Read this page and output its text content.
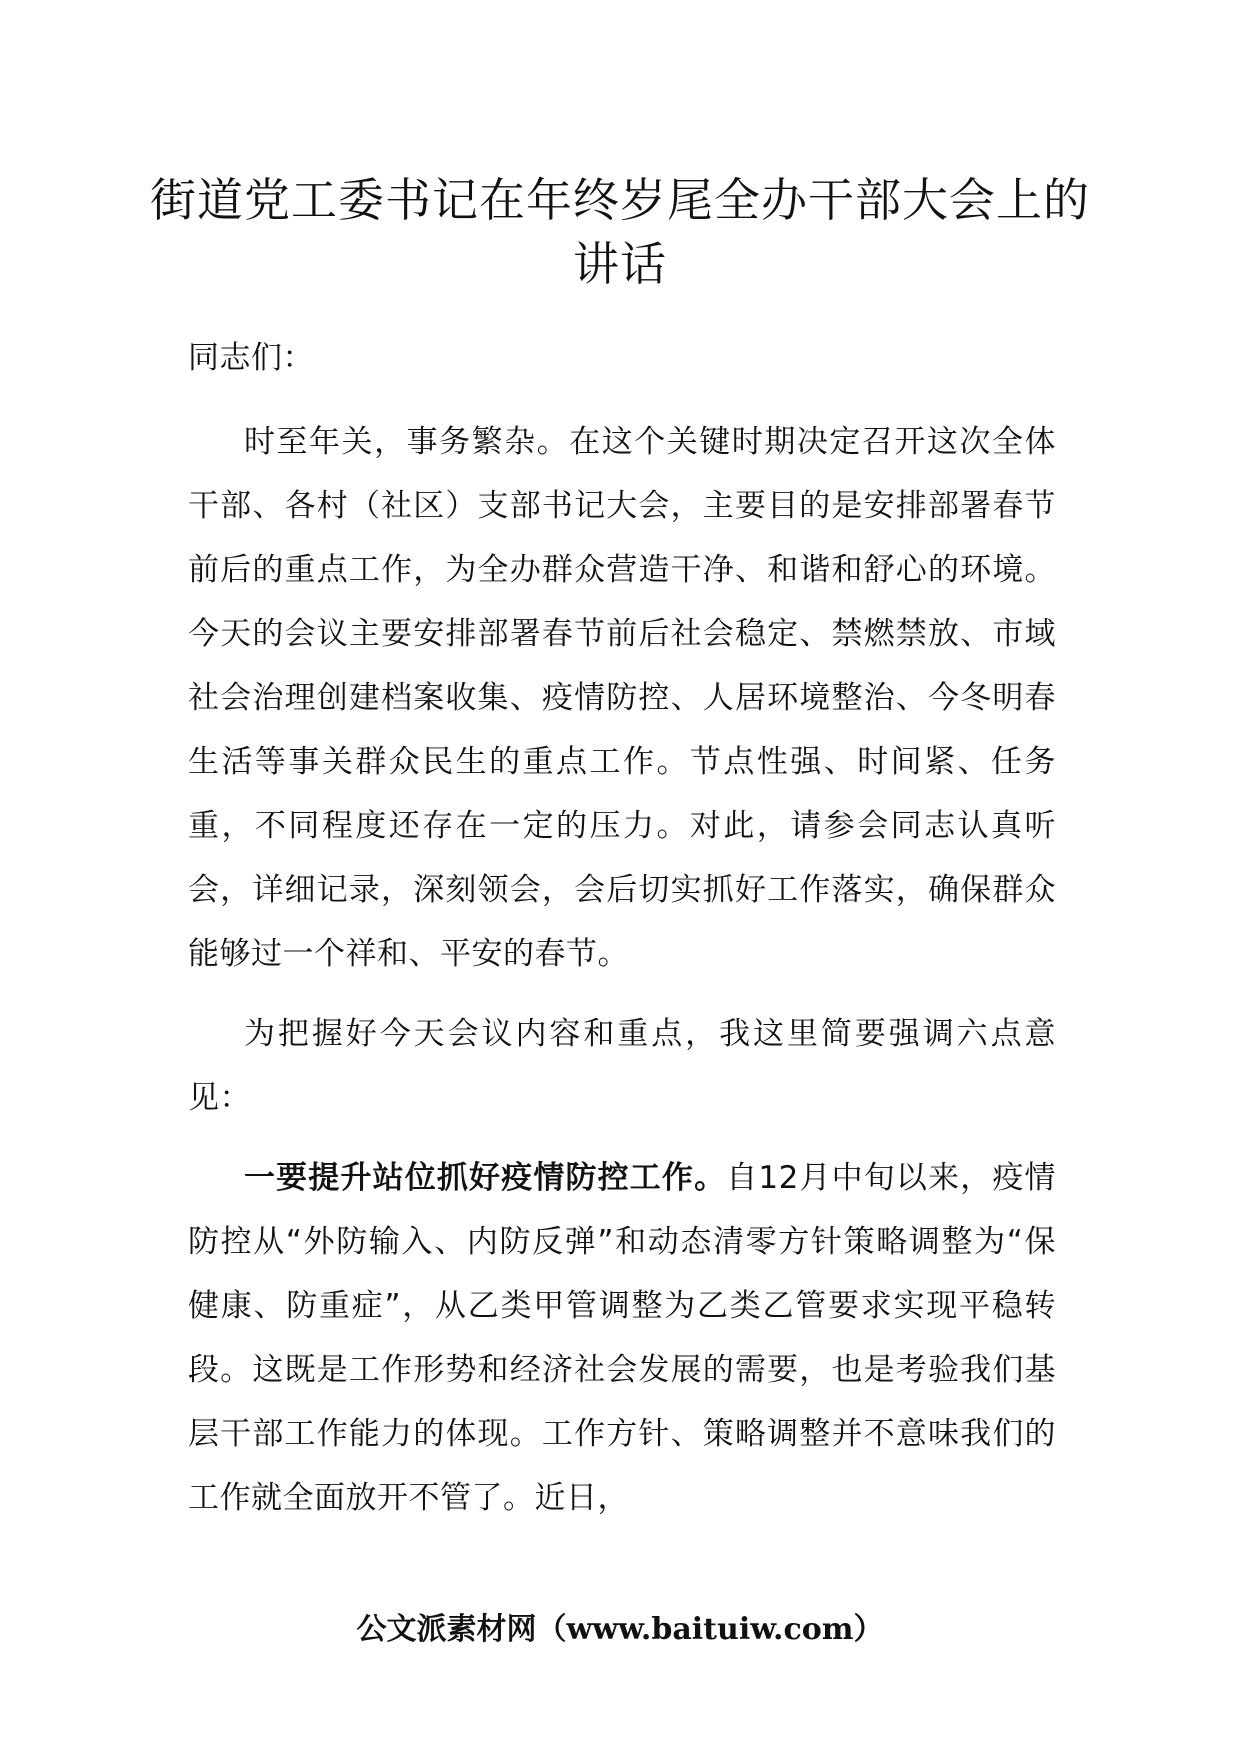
街道党工委书记在年终岁尾全办干部大会上的讲话

同志们：

时至年关，事务繁杂。在这个关键时期决定召开这次全体干部、各村（社区）支部书记大会，主要目的是安排部署春节前后的重点工作，为全办群众营造干净、和谐和舒心的环境。今天的会议主要安排部署春节前后社会稳定、禁燃禁放、市域社会治理创建档案收集、疫情防控、人居环境整治、今冬明春生活等事关群众民生的重点工作。节点性强、时间紧、任务重，不同程度还存在一定的压力。对此，请参会同志认真听会，详细记录，深刻领会，会后切实抓好工作落实，确保群众能够过一个祥和、平安的春节。

为把握好今天会议内容和重点，我这里简要强调六点意见：

一要提升站位抓好疫情防控工作。自12月中旬以来，疫情防控从“外防输入、内防反弹”和动态清零方针策略调整为“保健康、防重症”，从乙类甲管调整为乙类乙管要求实现平稳转段。这既是工作形势和经济社会发展的需要，也是考验我们基层干部工作能力的体现。工作方针、策略调整并不意味我们的工作就全面放开不管了。近日，

公文派素材网（www.baituiw.com）
